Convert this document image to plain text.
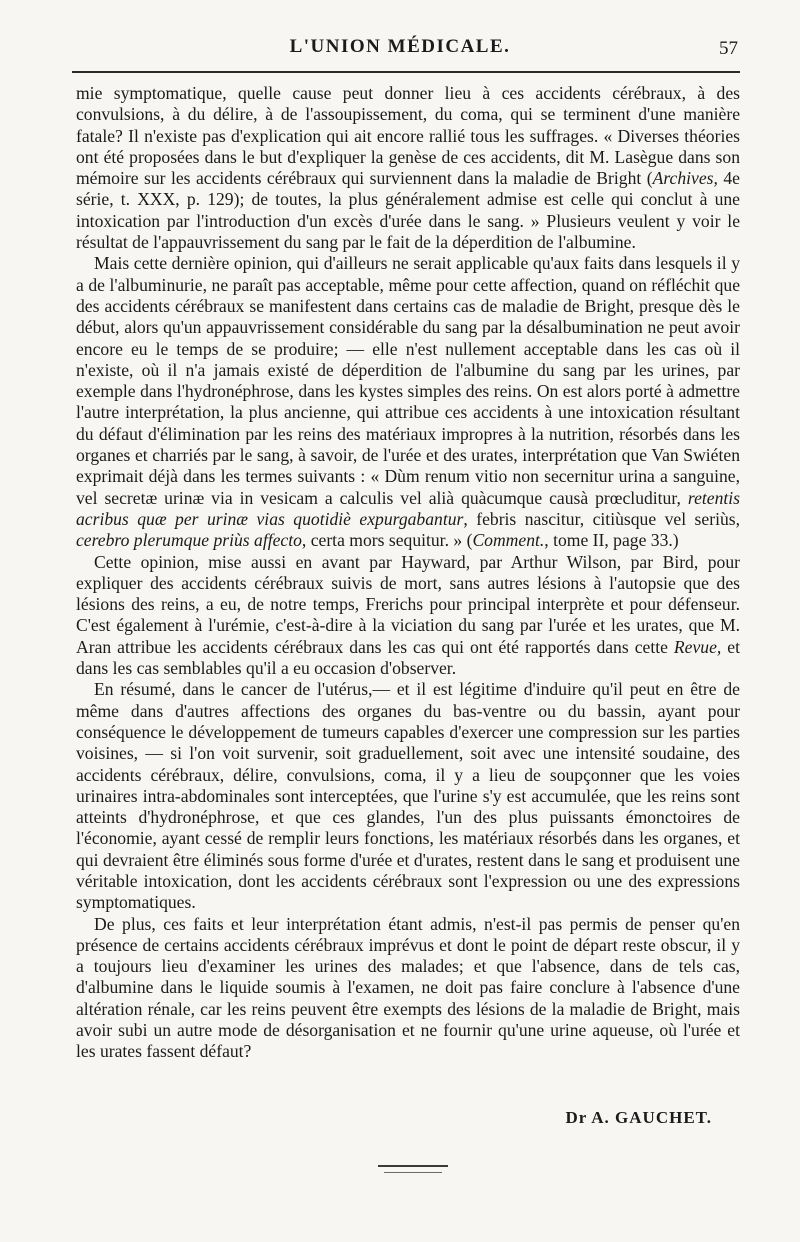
L'UNION MÉDICALE.	57

mie symptomatique, quelle cause peut donner lieu à ces accidents cérébraux, à des convulsions, à du délire, à de l'assoupissement, du coma, qui se terminent d'une manière fatale? Il n'existe pas d'explication qui ait encore rallié tous les suffrages. « Diverses théories ont été proposées dans le but d'expliquer la genèse de ces accidents, dit M. Lasègue dans son mémoire sur les accidents cérébraux qui surviennent dans la maladie de Bright (Archives, 4e série, t. XXX, p. 129); de toutes, la plus généralement admise est celle qui conclut à une intoxication par l'introduction d'un excès d'urée dans le sang. » Plusieurs veulent y voir le résultat de l'appauvrissement du sang par le fait de la déperdition de l'albumine.

Mais cette dernière opinion, qui d'ailleurs ne serait applicable qu'aux faits dans lesquels il y a de l'albuminurie, ne paraît pas acceptable, même pour cette affection, quand on réfléchit que des accidents cérébraux se manifestent dans certains cas de maladie de Bright, presque dès le début, alors qu'un appauvrissement considérable du sang par la désalbumination ne peut avoir encore eu le temps de se produire; — elle n'est nullement acceptable dans les cas où il n'existe, où il n'a jamais existé de déperdition de l'albumine du sang par les urines, par exemple dans l'hydronéphrose, dans les kystes simples des reins. On est alors porté à admettre l'autre interprétation, la plus ancienne, qui attribue ces accidents à une intoxication résultant du défaut d'élimination par les reins des matériaux impropres à la nutrition, résorbés dans les organes et charriés par le sang, à savoir, de l'urée et des urates, interprétation que Van Swiéten exprimait déjà dans les termes suivants : « Dùm renum vitio non secernitur urina a sanguine, vel secretæ urinæ via in vesicam a calculis vel alià quàcumque causà prœcluditur, retentis acribus quæ per urinæ vias quotidiè expurgabantur, febris nascitur, citiùsque vel seriùs, cerebro plerumque priùs affecto, certa mors sequitur. » (Comment., tome II, page 33.)

Cette opinion, mise aussi en avant par Hayward, par Arthur Wilson, par Bird, pour expliquer des accidents cérébraux suivis de mort, sans autres lésions à l'autopsie que des lésions des reins, a eu, de notre temps, Frerichs pour principal interprète et pour défenseur. C'est également à l'urémie, c'est-à-dire à la viciation du sang par l'urée et les urates, que M. Aran attribue les accidents cérébraux dans les cas qui ont été rapportés dans cette Revue, et dans les cas semblables qu'il a eu occasion d'observer.

En résumé, dans le cancer de l'utérus,— et il est légitime d'induire qu'il peut en être de même dans d'autres affections des organes du bas-ventre ou du bassin, ayant pour conséquence le développement de tumeurs capables d'exercer une compression sur les parties voisines, — si l'on voit survenir, soit graduellement, soit avec une intensité soudaine, des accidents cérébraux, délire, convulsions, coma, il y a lieu de soupçonner que les voies urinaires intra-abdominales sont interceptées, que l'urine s'y est accumulée, que les reins sont atteints d'hydronéphrose, et que ces glandes, l'un des plus puissants émonctoires de l'économie, ayant cessé de remplir leurs fonctions, les matériaux résorbés dans les organes, et qui devraient être éliminés sous forme d'urée et d'urates, restent dans le sang et produisent une véritable intoxication, dont les accidents cérébraux sont l'expression ou une des expressions symptomatiques.

De plus, ces faits et leur interprétation étant admis, n'est-il pas permis de penser qu'en présence de certains accidents cérébraux imprévus et dont le point de départ reste obscur, il y a toujours lieu d'examiner les urines des malades; et que l'absence, dans de tels cas, d'albumine dans le liquide soumis à l'examen, ne doit pas faire conclure à l'absence d'une altération rénale, car les reins peuvent être exempts des lésions de la maladie de Bright, mais avoir subi un autre mode de désorganisation et ne fournir qu'une urine aqueuse, où l'urée et les urates fassent défaut?

Dr A. GAUCHET.
